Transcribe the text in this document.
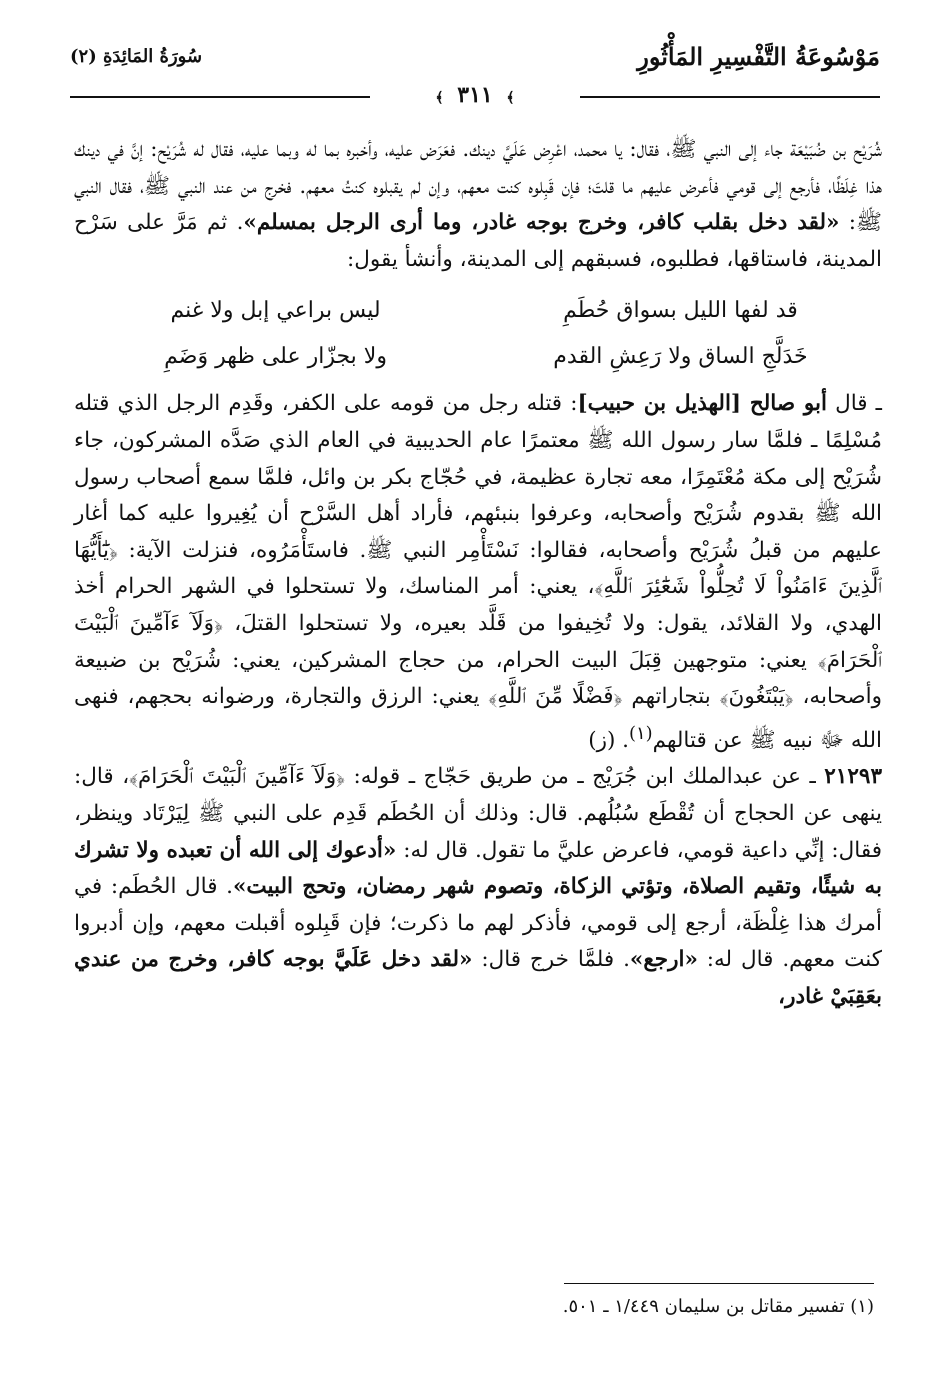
مَوْسُوعَةُ التَّفْسِيرِ المَأْثُورِ
سُورَةُ المَائِدَةِ (٢)
﴾ ٣١١ ﴾

شُرَيْح بن ضُبَيْعَة جاء إلى النبي ﷺ، فقال: يا محمد، اعْرِض عَلَيَّ دينك. فعَرَض عليه، وأخبره بما له وبما عليه، فقال له شُرَيْح: إنَّ في دينك هذا غِلَظًا، فأرجع إلى قومي فأعرض عليهم ما قلتَ؛ فإن قَبِلوه كنت معهم، وإن لم يقبلوه كنتُ معهم. فخرج من عند النبي ﷺ، فقال النبي ﷺ: «لقد دخل بقلب كافر، وخرج بوجه غادر، وما أرى الرجل بمسلم». ثم مَرَّ على سَرْح المدينة، فاستاقها، فطلبوه، فسبقهم إلى المدينة، وأنشأ يقول:

قد لفها الليل بسواق حُطَمِ
ليس براعي إبل ولا غنم
خَدَلَّجِ الساق ولا رَعِشِ القدم
ولا بجزّار على ظهر وَضَمِ

ـ قال أبو صالح [الهذيل بن حبيب]: قتله رجل من قومه على الكفر، وقَدِم الرجل الذي قتله مُسْلِمًا ـ فلمَّا سار رسول الله ﷺ معتمرًا عام الحديبية في العام الذي صَدَّه المشركون، جاء شُرَيْح إلى مكة مُعْتَمِرًا، معه تجارة عظيمة، في حُجّاج بكر بن وائل، فلمَّا سمع أصحاب رسول الله ﷺ بقدوم شُرَيْح وأصحابه، وعرفوا بنبئهم، فأراد أهل السَّرْح أن يُغِيروا عليه كما أغار عليهم من قبلُ شُرَيْح وأصحابه، فقالوا: نَسْتَأْمِر النبي ﷺ. فاستَأْمَرُوه، فنزلت الآية: ﴿يَٰٓأَيُّهَا ٱلَّذِينَ ءَامَنُواْ لَا تُحِلُّواْ شَعَٰٓئِرَ ٱللَّهِ﴾، يعني: أمر المناسك، ولا تستحلوا في الشهر الحرام أخذ الهدي، ولا القلائد، يقول: ولا تُخِيفوا من قَلَّد بعيره، ولا تستحلوا القتلَ، ﴿وَلَآ ءَآمِّينَ ٱلْبَيْتَ ٱلْحَرَامَ﴾ يعني: متوجهين قِبَلَ البيت الحرام، من حجاج المشركين، يعني: شُرَيْح بن ضبيعة وأصحابه، ﴿يَبْتَغُونَ﴾ بتجاراتهم ﴿فَضْلًا مِّنَ ٱللَّهِ﴾ يعني: الرزق والتجارة، ورضوانه بحجهم، فنهى الله ﷻ نبيه ﷺ عن قتالهم$^{(١)}$. (ز)

٢١٢٩٣ ـ عن عبدالملك ابن جُرَيْج ـ من طريق حَجّاج ـ قوله: ﴿وَلَآ ءَآمِّينَ ٱلْبَيْتَ ٱلْحَرَامَ﴾، قال: ينهى عن الحجاج أن تُقْطَع سُبُلُهم. قال: وذلك أن الحُطَم قَدِم على النبي ﷺ لِيَرْتَاد وينظر، فقال: إنِّي داعية قومي، فاعرض عليَّ ما تقول. قال له: «أدعوك إلى الله أن تعبده ولا تشرك به شيئًا، وتقيم الصلاة، وتؤتي الزكاة، وتصوم شهر رمضان، وتحج البيت». قال الحُطَم: في أمرك هذا غِلْظَة، أرجع إلى قومي، فأذكر لهم ما ذكرت؛ فإن قَبِلوه أقبلت معهم، وإن أدبروا كنت معهم. قال له: «ارجع». فلمَّا خرج قال: «لقد دخل عَلَيَّ بوجه كافر، وخرج من عندي بعَقِبَيْ غادر،

(١) تفسير مقاتل بن سليمان ١/٤٤٩ ـ ٥٠١.
